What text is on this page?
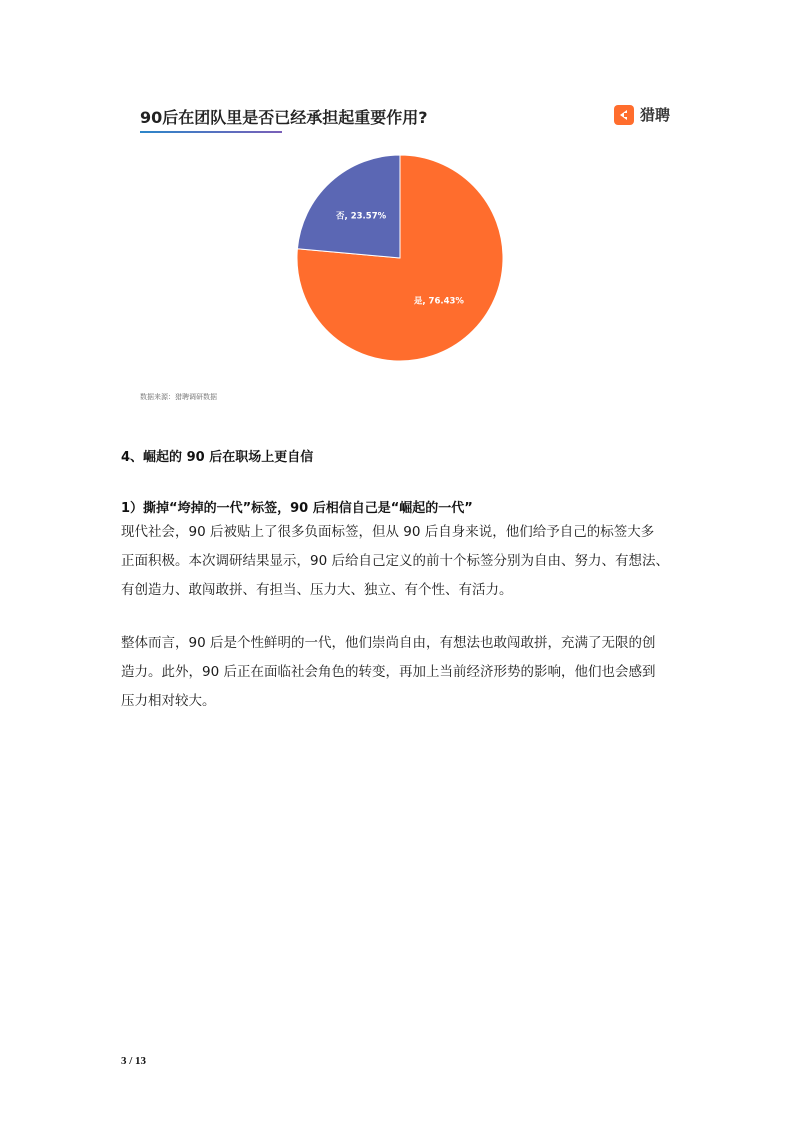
90后在团队里是否已经承担起重要作用?	猎聘
是, 76.43%
否, 23.57%
数据来源：猎聘调研数据
4、崛起的 90 后在职场上更自信
1）撕掉“垮掉的一代”标签，90 后相信自己是“崛起的一代”
现代社会，90 后被贴上了很多负面标签，但从 90 后自身来说，他们给予自己的标签大多
正面积极。本次调研结果显示，90 后给自己定义的前十个标签分别为自由、努力、有想法、
有创造力、敢闯敢拼、有担当、压力大、独立、有个性、有活力。
整体而言，90 后是个性鲜明的一代，他们崇尚自由，有想法也敢闯敢拼，充满了无限的创
造力。此外，90 后正在面临社会角色的转变，再加上当前经济形势的影响，他们也会感到
压力相对较大。
3 / 13
